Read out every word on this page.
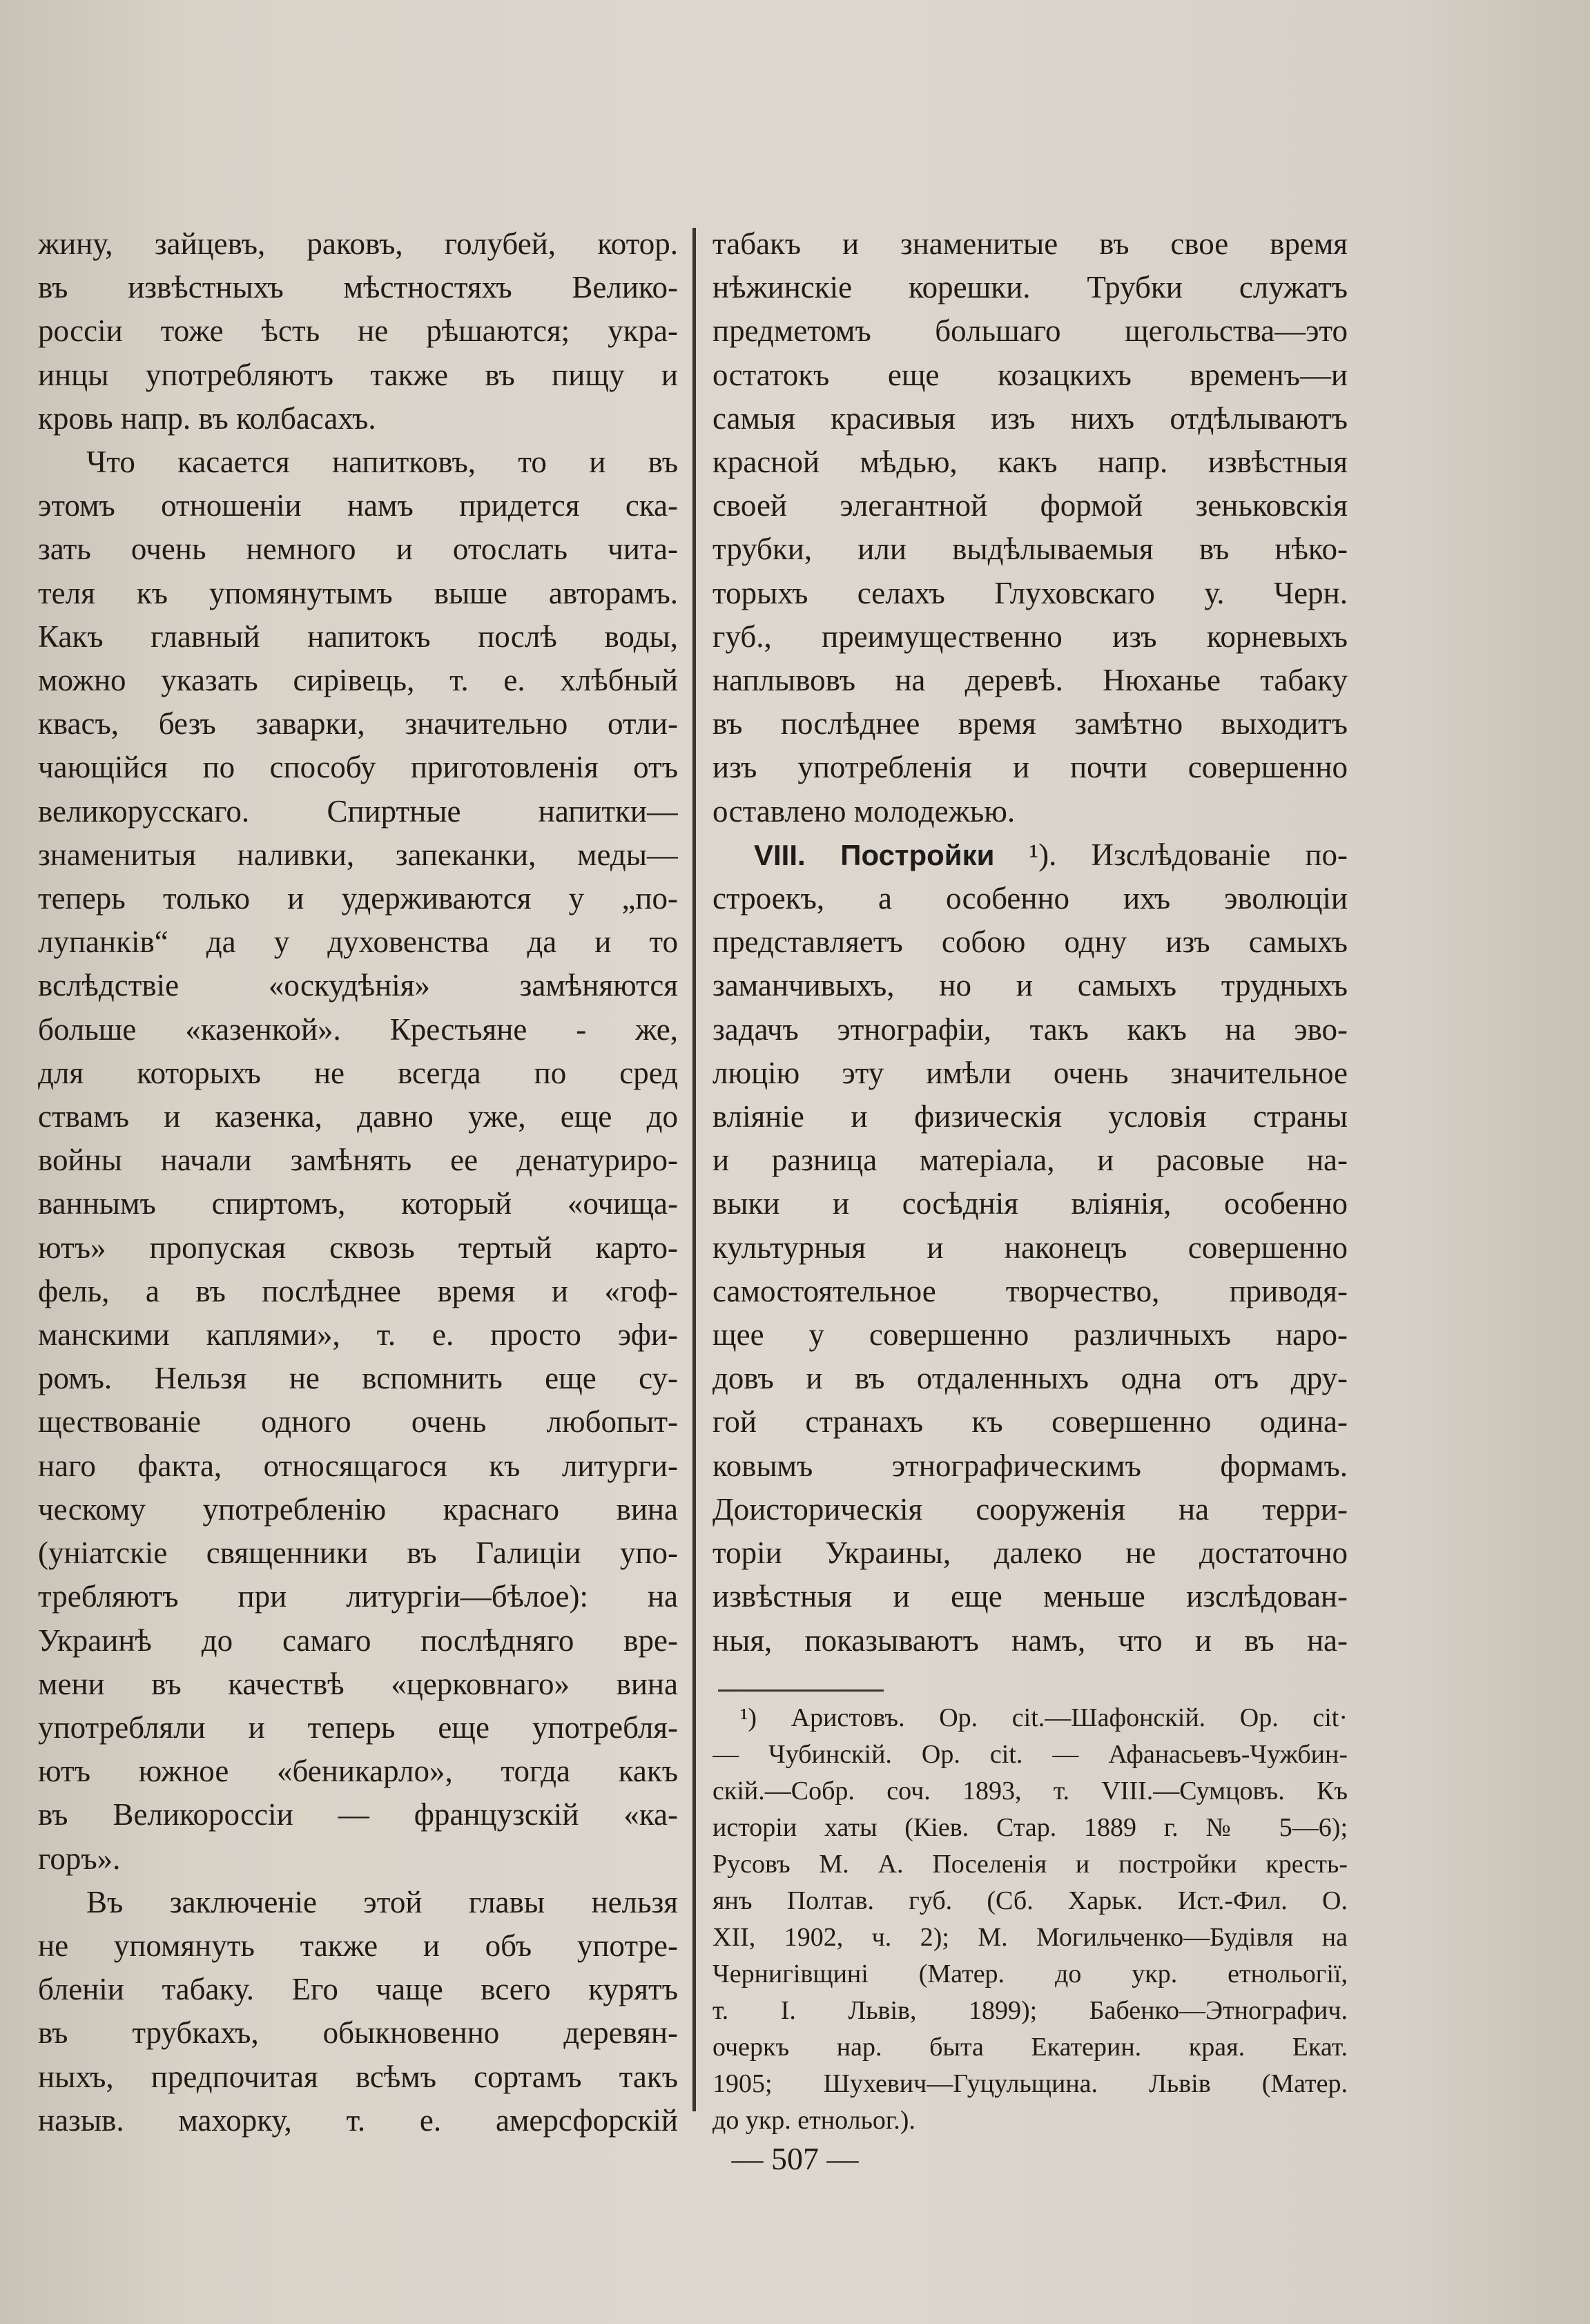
жину, зайцевъ, раковъ, голубей, котор.
въ извѣстныхъ мѣстностяхъ Велико-
россіи тоже ѣсть не рѣшаются; укра-
инцы употребляютъ также въ пищу и
кровь напр. въ колбасахъ.
Что касается напитковъ, то и въ
этомъ отношеніи намъ придется ска-
зать очень немного и отослать чита-
теля къ упомянутымъ выше авторамъ.
Какъ главный напитокъ послѣ воды,
можно указать сирівець, т. е. хлѣбный
квасъ, безъ заварки, значительно отли-
чающійся по способу приготовленія отъ
великорусскаго. Спиртные напитки—
знаменитыя наливки, запеканки, меды—
теперь только и удерживаются у „по-
лупанків“ да у духовенства да и то
вслѣдствіе «оскудѣнія» замѣняются
больше «казенкой». Крестьяне - же,
для которыхъ не всегда по сред
ствамъ и казенка, давно уже, еще до
войны начали замѣнять ее денатуриро-
ваннымъ спиртомъ, который «очища-
ютъ» пропуская сквозь тертый карто-
фель, а въ послѣднее время и «гоф-
манскими каплями», т. е. просто эфи-
ромъ. Нельзя не вспомнить еще су-
ществованіе одного очень любопыт-
наго факта, относящагося къ литурги-
ческому употребленію краснаго вина
(уніатскіе священники въ Галиціи упо-
требляютъ при литургіи—бѣлое): на
Украинѣ до самаго послѣдняго вре-
мени въ качествѣ «церковнаго» вина
употребляли и теперь еще употребля-
ютъ южное «беникарло», тогда какъ
въ Великороссіи — французскій «ка-
горъ».
Въ заключеніе этой главы нельзя
не упомянуть также и объ употре-
бленіи табаку. Его чаще всего курятъ
въ трубкахъ, обыкновенно деревян-
ныхъ, предпочитая всѣмъ сортамъ такъ
назыв. махорку, т. е. амерсфорскій
табакъ и знаменитые въ свое время
нѣжинскіе корешки. Трубки служатъ
предметомъ большаго щегольства—это
остатокъ еще козацкихъ временъ—и
самыя красивыя изъ нихъ отдѣлываютъ
красной мѣдью, какъ напр. извѣстныя
своей элегантной формой зеньковскія
трубки, или выдѣлываемыя въ нѣко-
торыхъ селахъ Глуховскаго у. Черн.
губ., преимущественно изъ корневыхъ
наплывовъ на деревѣ. Нюханье табаку
въ послѣднее время замѣтно выходитъ
изъ употребленія и почти совершенно
оставлено молодежью.
VIII. Постройки ¹). Изслѣдованіе по-
строекъ, а особенно ихъ эволюціи
представляетъ собою одну изъ самыхъ
заманчивыхъ, но и самыхъ трудныхъ
задачъ этнографіи, такъ какъ на эво-
люцію эту имѣли очень значительное
вліяніе и физическія условія страны
и разница матеріала, и расовые на-
выки и сосѣднія вліянія, особенно
культурныя и наконецъ совершенно
самостоятельное творчество, приводя-
щее у совершенно различныхъ наро-
довъ и въ отдаленныхъ одна отъ дру-
гой странахъ къ совершенно одина-
ковымъ этнографическимъ формамъ.
Доисторическія сооруженія на терри-
торіи Украины, далеко не достаточно
извѣстныя и еще меньше изслѣдован-
ныя, показываютъ намъ, что и въ на-
¹) Аристовъ. Op. cit.—Шафонскій. Op. cit·
— Чубинскій. Op. cit. — Афанасьевъ-Чужбин-
скій.—Собр. соч. 1893, т. VIII.—Сумцовъ. Къ
исторіи хаты (Кіев. Стар. 1889 г. № 5—6);
Русовъ М. А. Поселенія и постройки кресть-
янъ Полтав. губ. (Сб. Харьк. Ист.-Фил. О.
XII, 1902, ч. 2); М. Могильченко—Будівля на
Чернигівщині (Матер. до укр. етнольогії,
т. І. Львів, 1899); Бабенко—Этнографич.
очеркъ нар. быта Екатерин. края. Екат.
1905; Шухевич—Гуцульщина. Львів (Матер.
до укр. етнольог.).
— 507 —
